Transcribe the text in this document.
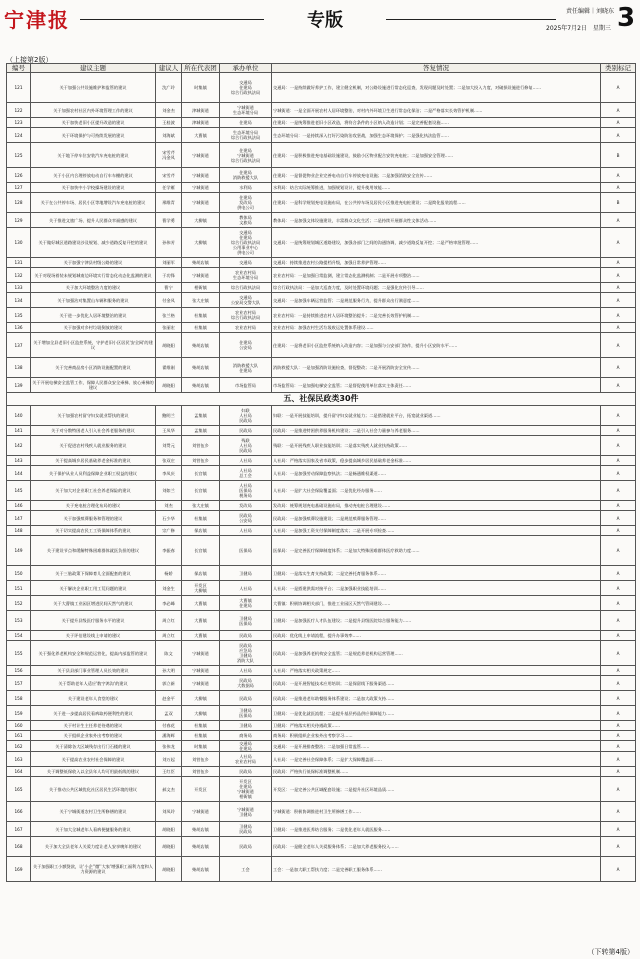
宁津报	专版	责任编辑｜刘晓东
2025年7月2日　星期三 3
（上接第2版）
编号	建议主题	建议人	所在代表团	承办单位	答复情况	类别标记
121	关于加强公共设施维护和监管的建议	沈广玲	时集镇	交通局
住建局
综合行政执法局	交通局：一是持续做好养护工作，建立健全机制，对公路设施进行常态化巡查，发现问题及时处置；二是加大投入力度，对破损设施进行修复……	A
122	关于加强农村社区内外环境管理工作的建议	刘金杰	津城街道	宁城街道
生态环境分局	宁城街道：一是全面开展农村人居环境整治，对村内外环境卫生进行常态化保洁；二是严格落实长效管护机制……	A
123	关于加快老旧小区提升改造的建议	王桂波	津城街道	住建局	住建局：一是统筹推进老旧小区改造，将符合条件的小区纳入改造计划；二是完善配套设施……	A
124	关于环境保护与可持续发展的建议	刘海斌	大曹镇	生态环境分局
综合行政执法局	生态环境分局：一是持续深入打好污染防治攻坚战，加强生态环境保护；二是强化执法监管……	A
125	关于地下停车位安装汽车充电桩的建议	宋雪芹
冯金凤	宁城街道	住建局
宁城街道
综合行政执法局	住建局：一是积极推进充电基础设施建设，鼓励小区物业配合安装充电桩；二是加强安全管理……	B
126	关于小区内合理停放电动自行车车棚的建议	宋雪芹	宁城街道	住建局
消防救援大队	住建局：一是督促物业企业完善电动自行车停放充电设施；二是加强消防安全宣传……	A
127	关于加快中小学校操场建设的建议	任学雁	宁城街道	水利局	水利局：结合实际统筹推进，加强规划设计，提升使用效能……	A
128	关于在公共停车场、居民小区等地增设汽车充电桩的建议	邢维青	宁城街道	住建局
发改局
供电公司	住建局：一是科学规划充电设施布局，在公共停车场及居民小区推进充电桩建设；二是简化报装流程……	B
129	关于推进文旅广场、提升人民群众幸福感的建议	曹学勇	大柳镇	教体局
文旅局	教体局：一是加强文体设施建设，丰富群众文化生活；二是持续开展群众性文体活动……	A
130	关于做好城区道路建设沙及规划、减少道路反复开挖的建议	孙伟芳	大柳镇	交通局
住建局
综合行政执法局
公用事业中心
供电公司	交通局：一是统筹规划城区道路建设，加强各部门之间的沟通协调，减少道路反复开挖；二是严格审批管理……	A
131	关于加强宁津县村级公路的建议	刘丽军	柴胡店镇	交通局	交通局：持续推进农村公路提档升级，加强日常养护管理……	A
132	关于对现场着装未规划城南边环境实行常态化动态化监测的建议	于功锋	宁城街道	农业农村局
生态环境分局	农业农村局：一是加强日常监测，建立常态化监测机制；二是开展专项整治……	A
133	关于加大环境整治力度的建议	曹宁	相衙镇	综合行政执法局	综合行政执法局：一是加大巡查力度，及时处置环境问题；二是强化宣传引导……	A
134	关于加强治对集置山车辆和服务的建议	付金凤	张大庄镇	交通局
公安局交警大队	交通局：一是加强车辆运营监管；二是规范服务行为，提升群众出行满意度……	A
135	关于进一步优化人居环境整治的建议	张兰格	杜集镇	农业农村局
综合行政执法局	农业农村局：一是持续推进农村人居环境整治提升；二是完善长效管护机制……	A
136	关于加强对乡村垃圾倒放的建议	张丽宏	杜集镇	农业农村局	农业农村局：加强农村生活垃圾收运处置体系建设……	A
137	关于增加全县老旧小区监控系统，守护老旧小区居民'安全网'的建议	胡晓阳	柴胡店镇	住建局
公安局	住建局：一是将老旧小区监控系统纳入改造内容；二是加强与公安部门协作，提升小区安防水平……	A
138	关于完善商品房小区消防设施配置的建议	翟维刚	柴胡店镇	消防救援大队
住建局	消防救援大队：一是加强消防设施检查，督促整改；二是开展消防安全宣传……	A
139	关于开展电梯安全监管工作，保障人民群众安全乘梯、放心乘梯的建议	胡晓阳	柴胡店镇	市场监管局	市场监管局：一是加强电梯安全监管；二是督促使用单位落实主体责任……	A
五、社保民政类30件						
140	关于加强农村留守妇女就业帮扶的建议	鲍明兰	孟集镇	妇联
人社局
民政局	妇联：一是开展技能培训，提升留守妇女就业能力；二是搭建就业平台，拓宽就业渠道……	A
141	关于对分散特困老人引入社会养老服务的建议	王凤华	孟集镇	民政局	民政局：一是推进特困供养服务机构建设；二是引入社会力量参与养老服务……	A
142	关于促进农村残疾人就业服务的建议	刘贯元	刘营伍乡	残联
人社局
民政局	残联：一是开展残疾人职业技能培训；二是落实残疾人就业扶持政策……	A
143	关于提高城乡居民基础养老金标准的建议	张双庄	刘营伍乡	人社局	人社局：严格落实国家及省市政策，稳步提高城乡居民基础养老金标准……	A
144	关于保护从业人员利益保障企业职工权益的建议	李凤庆	长官镇	人社局
总工会	人社局：一是加强劳动保障监察执法；二是畅通维权渠道……	A
145	关于加大对企业职工社会养老保险的建议	刘如兰	长官镇	人社局
医保局
税务局	人社局：一是扩大社会保险覆盖面；二是优化经办服务……	A
146	关于充电桩合理化布局的建议	刘杰	张大庄镇	发改局	发改局：统筹规划充电基础设施布局，推动充电桩合理建设……	A
147	关于加强殡葬服务和管理的建议	石少华	杜集镇	民政局
公安局	民政局：一是加强殡葬设施建设；二是规范殡葬服务管理……	A
148	关于切实提高农民工工资保障体系的建议	宗广修	保店镇	人社局	人社局：一是加强工资支付保障制度落实；二是开展专项检查……	A
149	关于建设节点和缓解特殊困难群体就医负担的建议	李振春	长官镇	医保局	医保局：一是完善医疗保障制度体系；二是加大特殊困难群体医疗救助力度……	A
150	关于三胎政策下保障育儿全面配套的建议	杨娇	保店镇	卫健局	卫健局：一是落实生育支持政策；二是完善托育服务体系……	A
151	关于解决企业职工用工荒问题的建议	刘金生	开发区
大柳镇	人社局	人社局：一是搭建供需对接平台；二是加强职业技能培训……	A
152	关于大曹镇工业园区增进民间天然气的建议	李必峰	大曹镇	大曹镇
住建局	大曹镇：积极协调相关部门，推进工业园区天然气管网建设……	A
153	关于提升县级医疗服务水平的建议	周立红	大曹镇	卫健局
医保局	卫健局：一是加强医疗人才队伍建设；二是提升县级医院综合服务能力……	A
154	关于评估建设线上申请的建议	周立红	大曹镇	民政局	民政局：优化线上申请流程，提升办事效率……	A
155	关于强化养老机构安全和规范运营化，提高内部监管的建议	陈文	宁城街道	民政局
应急局
卫健局
消防大队	民政局：一是加强养老机构安全监管；二是规范养老机构运营管理……	A
156	关于县县部门事业管理人员长效的建议	孙大明	宁城街道	人社局	人社局：严格落实相关政策规定……	A
157	关于帮助老年人适应'数字鸿沟'的建议	郭立新	宁城街道	民政局
大数据局	民政局：一是开展智能技术应用培训；二是保留线下服务渠道……	A
158	关于建设老年人食堂的建议	赵金平	大柳镇	民政局	民政局：一是推进老年助餐服务体系建设；二是加大政策支持……	A
159	关于进一步提高居民看病取药便利性的建议	孟双	大柳镇	卫健局
医保局	卫健局：一是优化就医流程；二是提升基层药品供应保障能力……	A
160	关于村计生主任养老待遇的建议	付春花	杜集镇	卫健局	卫健局：严格落实相关待遇政策……	A
161	关于组织企业家外出考察的建议	潘海辉	杜集镇	商务局	商务局：积极组织企业家外出考察学习……	A
162	关于清除各大区域残存出行门石楼的建议	张伟龙	时集镇	交通局
住建局	交通局：一是开展排查整治；二是加强日常监管……	A
163	关于提高农业农村社会保障的建议	刘万起	刘营伍乡	人社局
农业农村局	人社局：一是完善社会保障体系；二是扩大保障覆盖面……	A
164	关于调整低保收入以全县年人均可用最低线的建议	王红臣	刘营伍乡	民政局	民政局：严格执行低保标准调整机制……	A
165	关于推动公共区域优化社区居民生活环境的建议	郝文杰	开发区	开发区
住建局
宁城街道
相衙镇	开发区：一是完善公共区域配套设施；二是提升社区环境品质……	A
166	关于宁城街道农村卫生所修缮的建议	刘凤玲	宁城街道	宁城街道
卫健局	宁城街道：积极协调推进村卫生所修缮工作……	A
167	关于加大全城老年人看病便捷服务的建议	胡晓阳	柴胡店镇	卫健局
民政局	卫健局：一是推进医养结合服务；二是优化老年人就医服务……	A
168	关于加大全县老年人关爱力度让老人安享晚年的建议	胡晓阳	柴胡店镇	民政局	民政局：一是健全老年人关爱服务体系；二是加大养老服务投入……	A
169	关于加强职工小额贷款，让'小企''微''大家'增强职工福利力度和人力资源的建议	胡晓阳	柴胡店镇	工会	工会：一是加大职工帮扶力度；二是完善职工服务体系……	A
（下转第4版）
